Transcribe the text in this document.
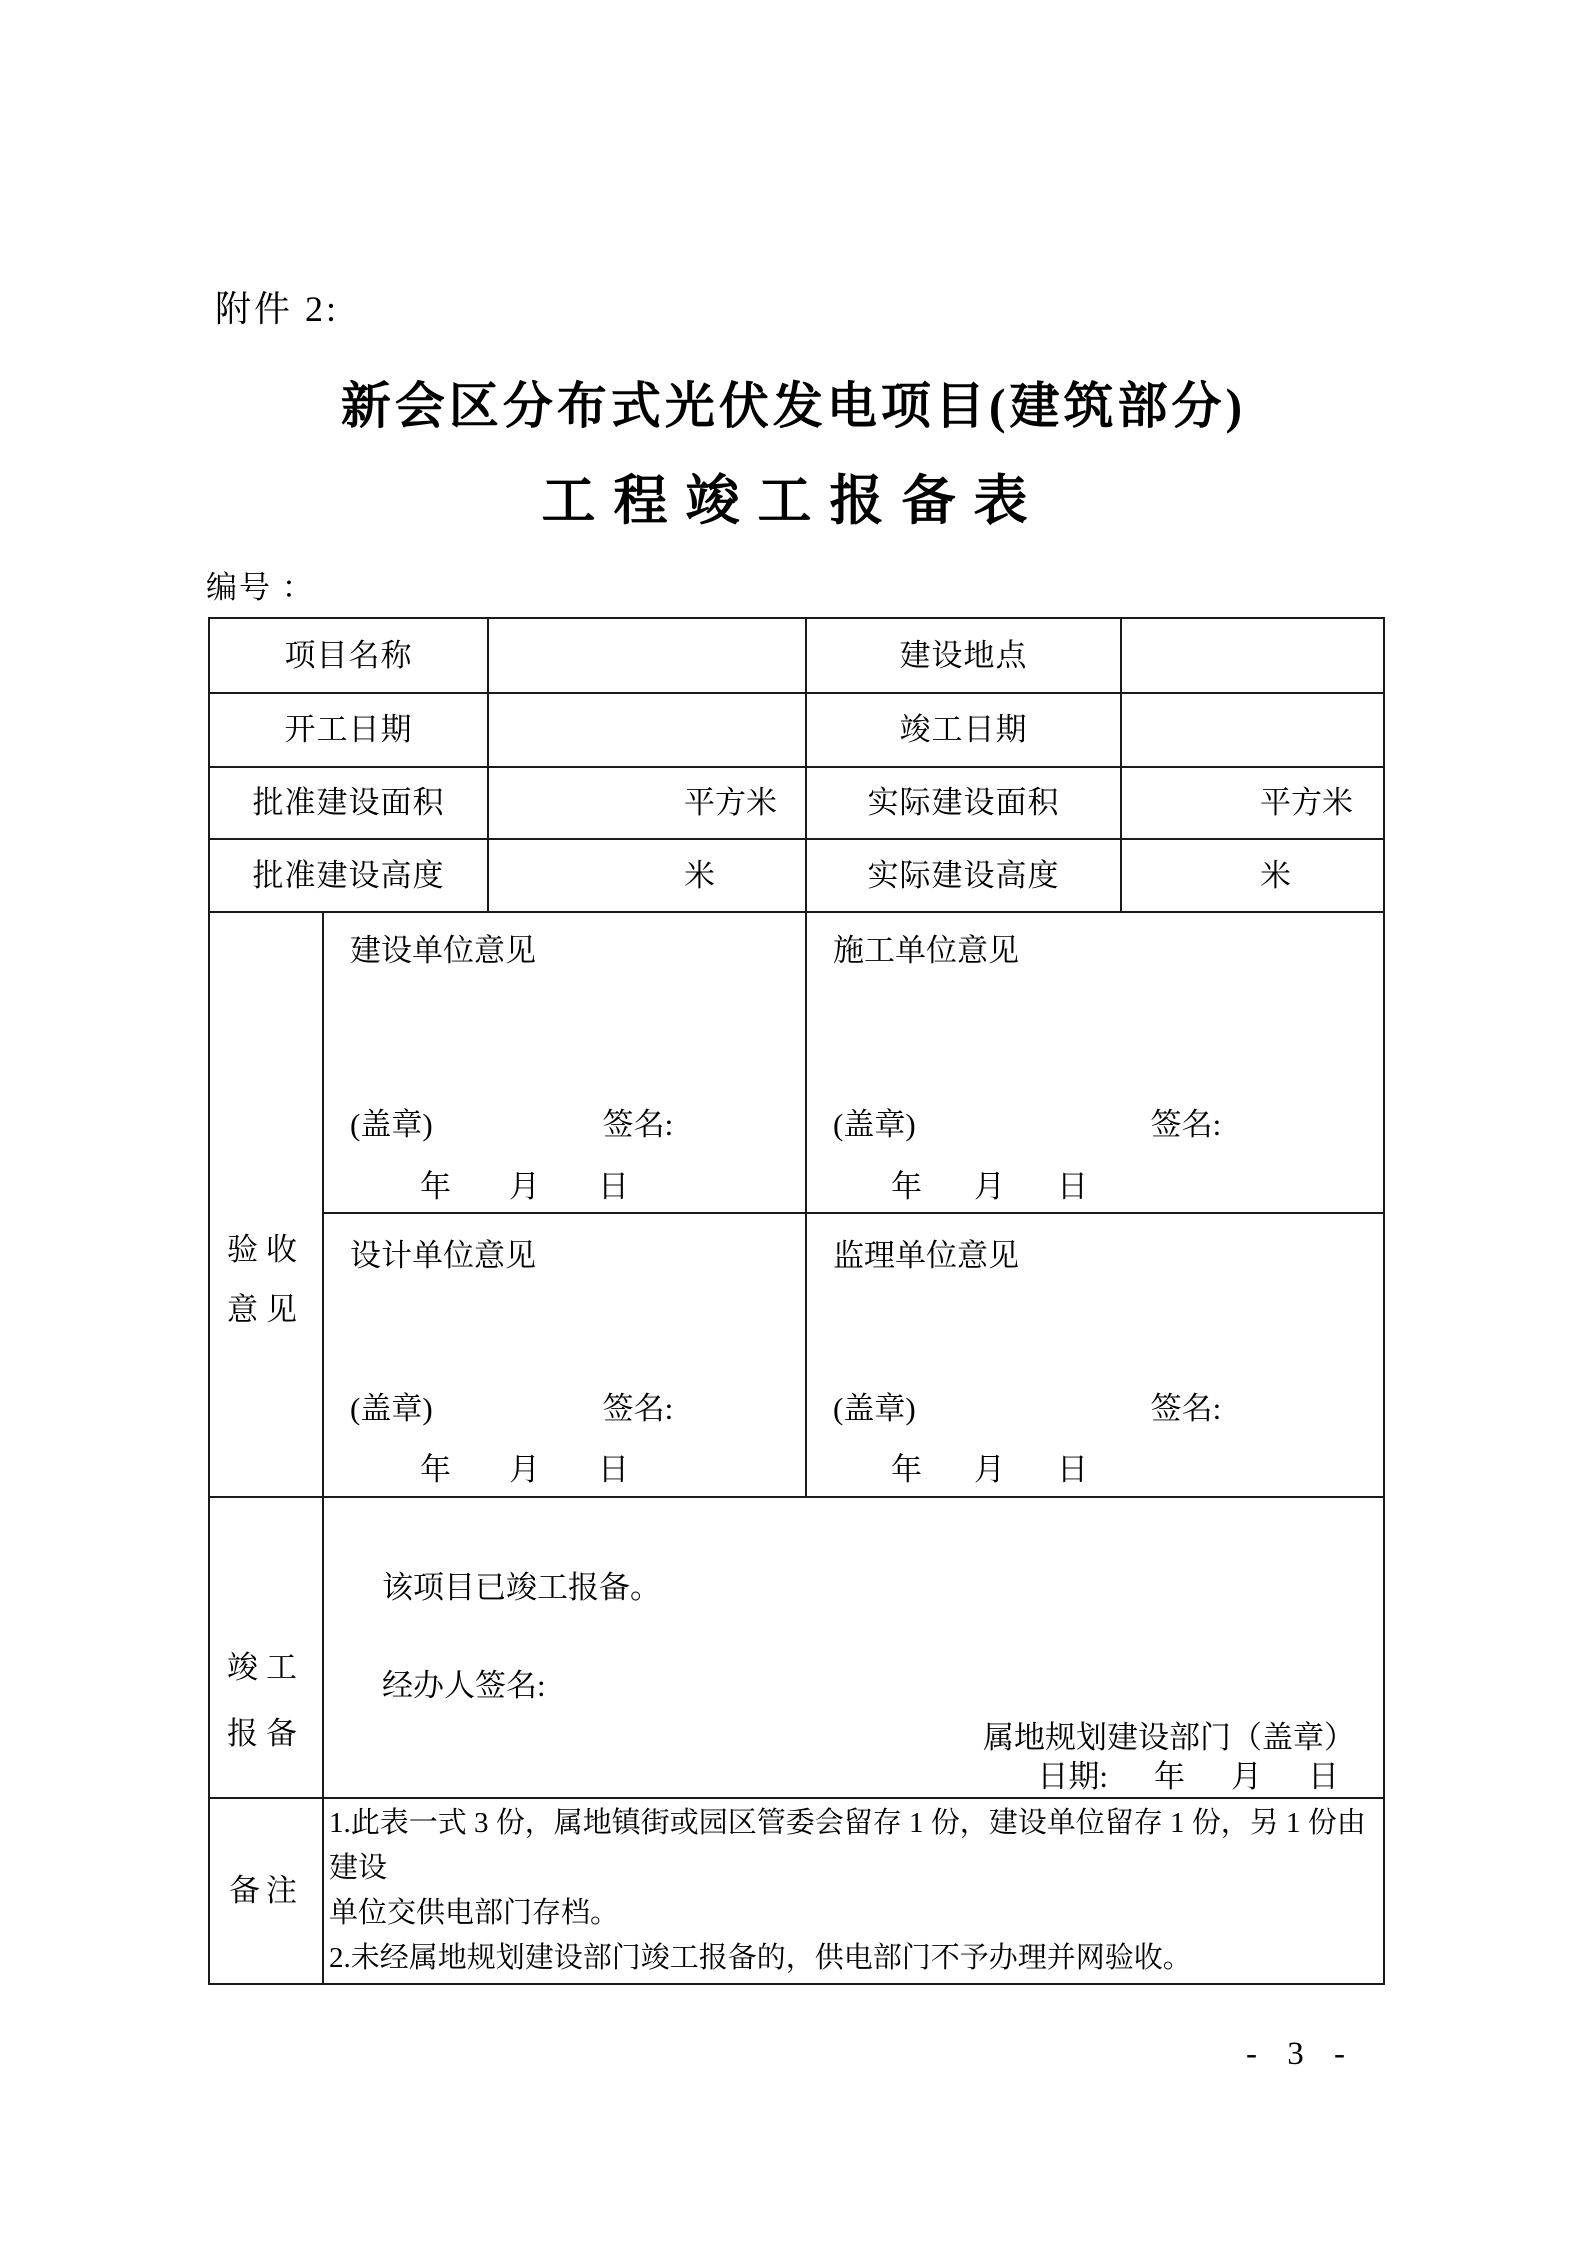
附件 2:
新会区分布式光伏发电项目(建筑部分)
工程竣工报备表
编号 ：
项目名称	建设地点
开工日期	竣工日期
批准建设面积	平方米	实际建设面积	平方米
批准建设高度	米	实际建设高度	米
验收
意见
建设单位意见
(盖章)	签名:
年 月 日
施工单位意见
(盖章)	签名:
年 月 日
设计单位意见
(盖章)	签名:
年 月 日
监理单位意见
(盖章)	签名:
年 月 日
竣工
报备
该项目已竣工报备。
经办人签名:
属地规划建设部门（盖章）
日期: 年 月 日
备注
1.此表一式 3 份，属地镇街或园区管委会留存 1 份，建设单位留存 1 份，另 1 份由建设
单位交供电部门存档。
2.未经属地规划建设部门竣工报备的，供电部门不予办理并网验收。
- 3 -
